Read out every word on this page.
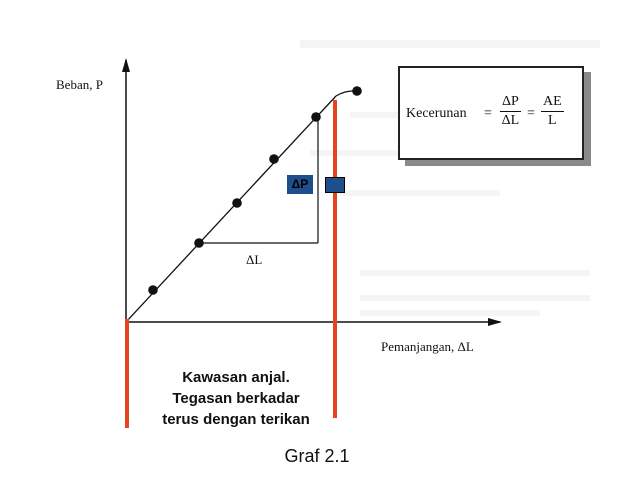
Beban, P
Pemanjangan, ΔL
ΔL
ΔP
Kecerunan = $\frac{\Delta P}{\Delta L} = \frac{AE}{L}$
Kawasan anjal.
Tegasan berkadar
terus dengan terikan
Graf 2.1
